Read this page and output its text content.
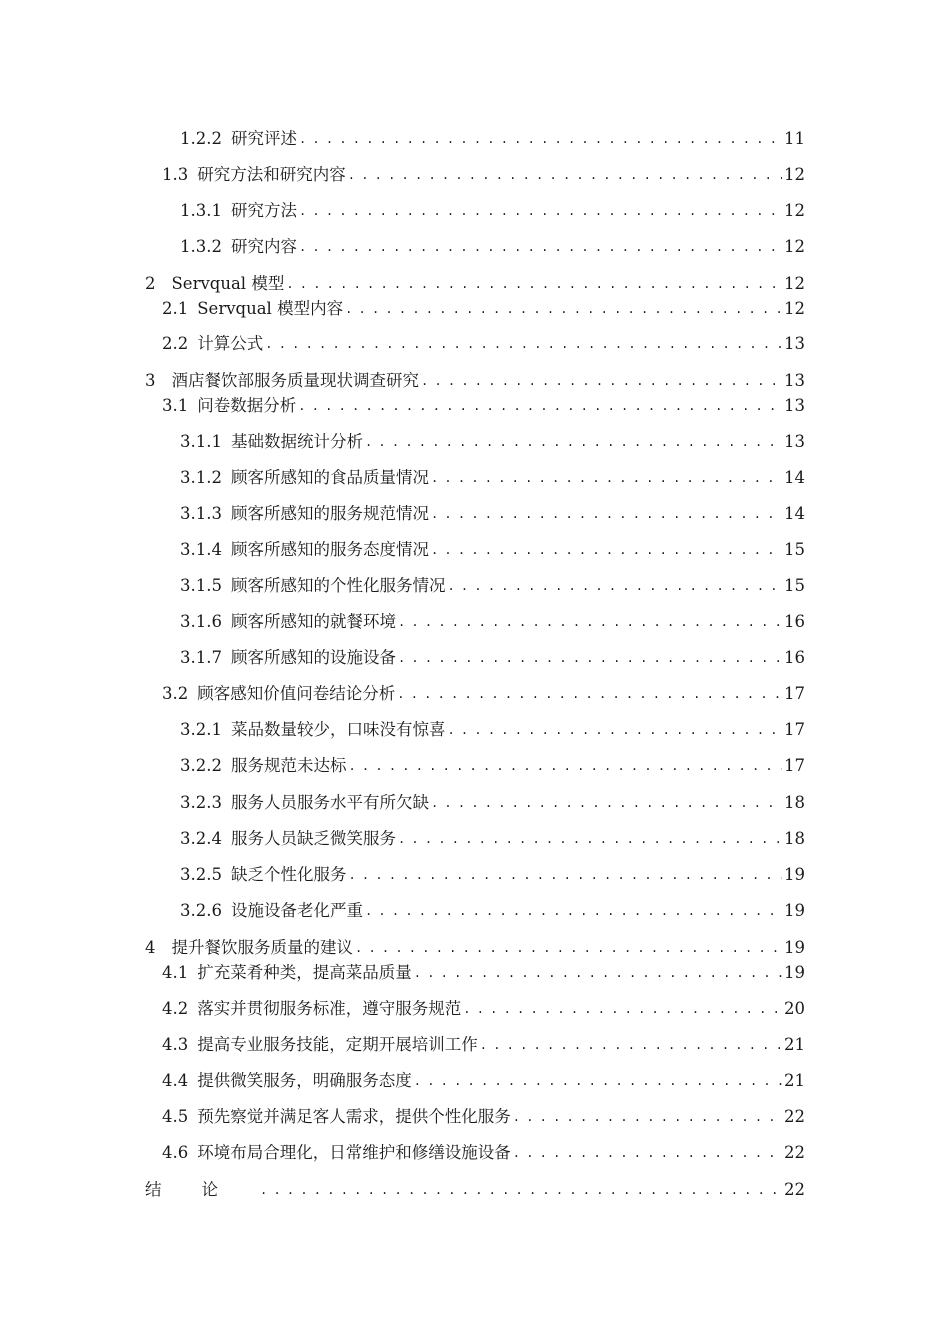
1.2.2 研究评述 . . .	11
1.3 研究方法和研究内容 . . .	12
1.3.1 研究方法 . . .	12
1.3.2 研究内容 . . .	12
2 Servqual 模型 . . .	12
2.1 Servqual 模型内容 . . .	12
2.2 计算公式 . . .	13
3 酒店餐饮部服务质量现状调查研究 . . .	13
3.1 问卷数据分析 . . .	13
3.1.1 基础数据统计分析 . . .	13
3.1.2 顾客所感知的食品质量情况 . . .	14
3.1.3 顾客所感知的服务规范情况 . . .	14
3.1.4 顾客所感知的服务态度情况 . . .	15
3.1.5 顾客所感知的个性化服务情况 . . .	15
3.1.6 顾客所感知的就餐环境 . . .	16
3.1.7 顾客所感知的设施设备 . . .	16
3.2 顾客感知价值问卷结论分析 . . .	17
3.2.1 菜品数量较少，口味没有惊喜 . . .	17
3.2.2 服务规范未达标 . . .	17
3.2.3 服务人员服务水平有所欠缺 . . .	18
3.2.4 服务人员缺乏微笑服务 . . .	18
3.2.5 缺乏个性化服务 . . .	19
3.2.6 设施设备老化严重 . . .	19
4 提升餐饮服务质量的建议 . . .	19
4.1 扩充菜肴种类，提高菜品质量 . . .	19
4.2 落实并贯彻服务标准，遵守服务规范 . . .	20
4.3 提高专业服务技能，定期开展培训工作 . . .	21
4.4 提供微笑服务，明确服务态度 . . .	21
4.5 预先察觉并满足客人需求，提供个性化服务 . . .	22
4.6 环境布局合理化，日常维护和修缮设施设备 . . .	22
结论 . . .	22
